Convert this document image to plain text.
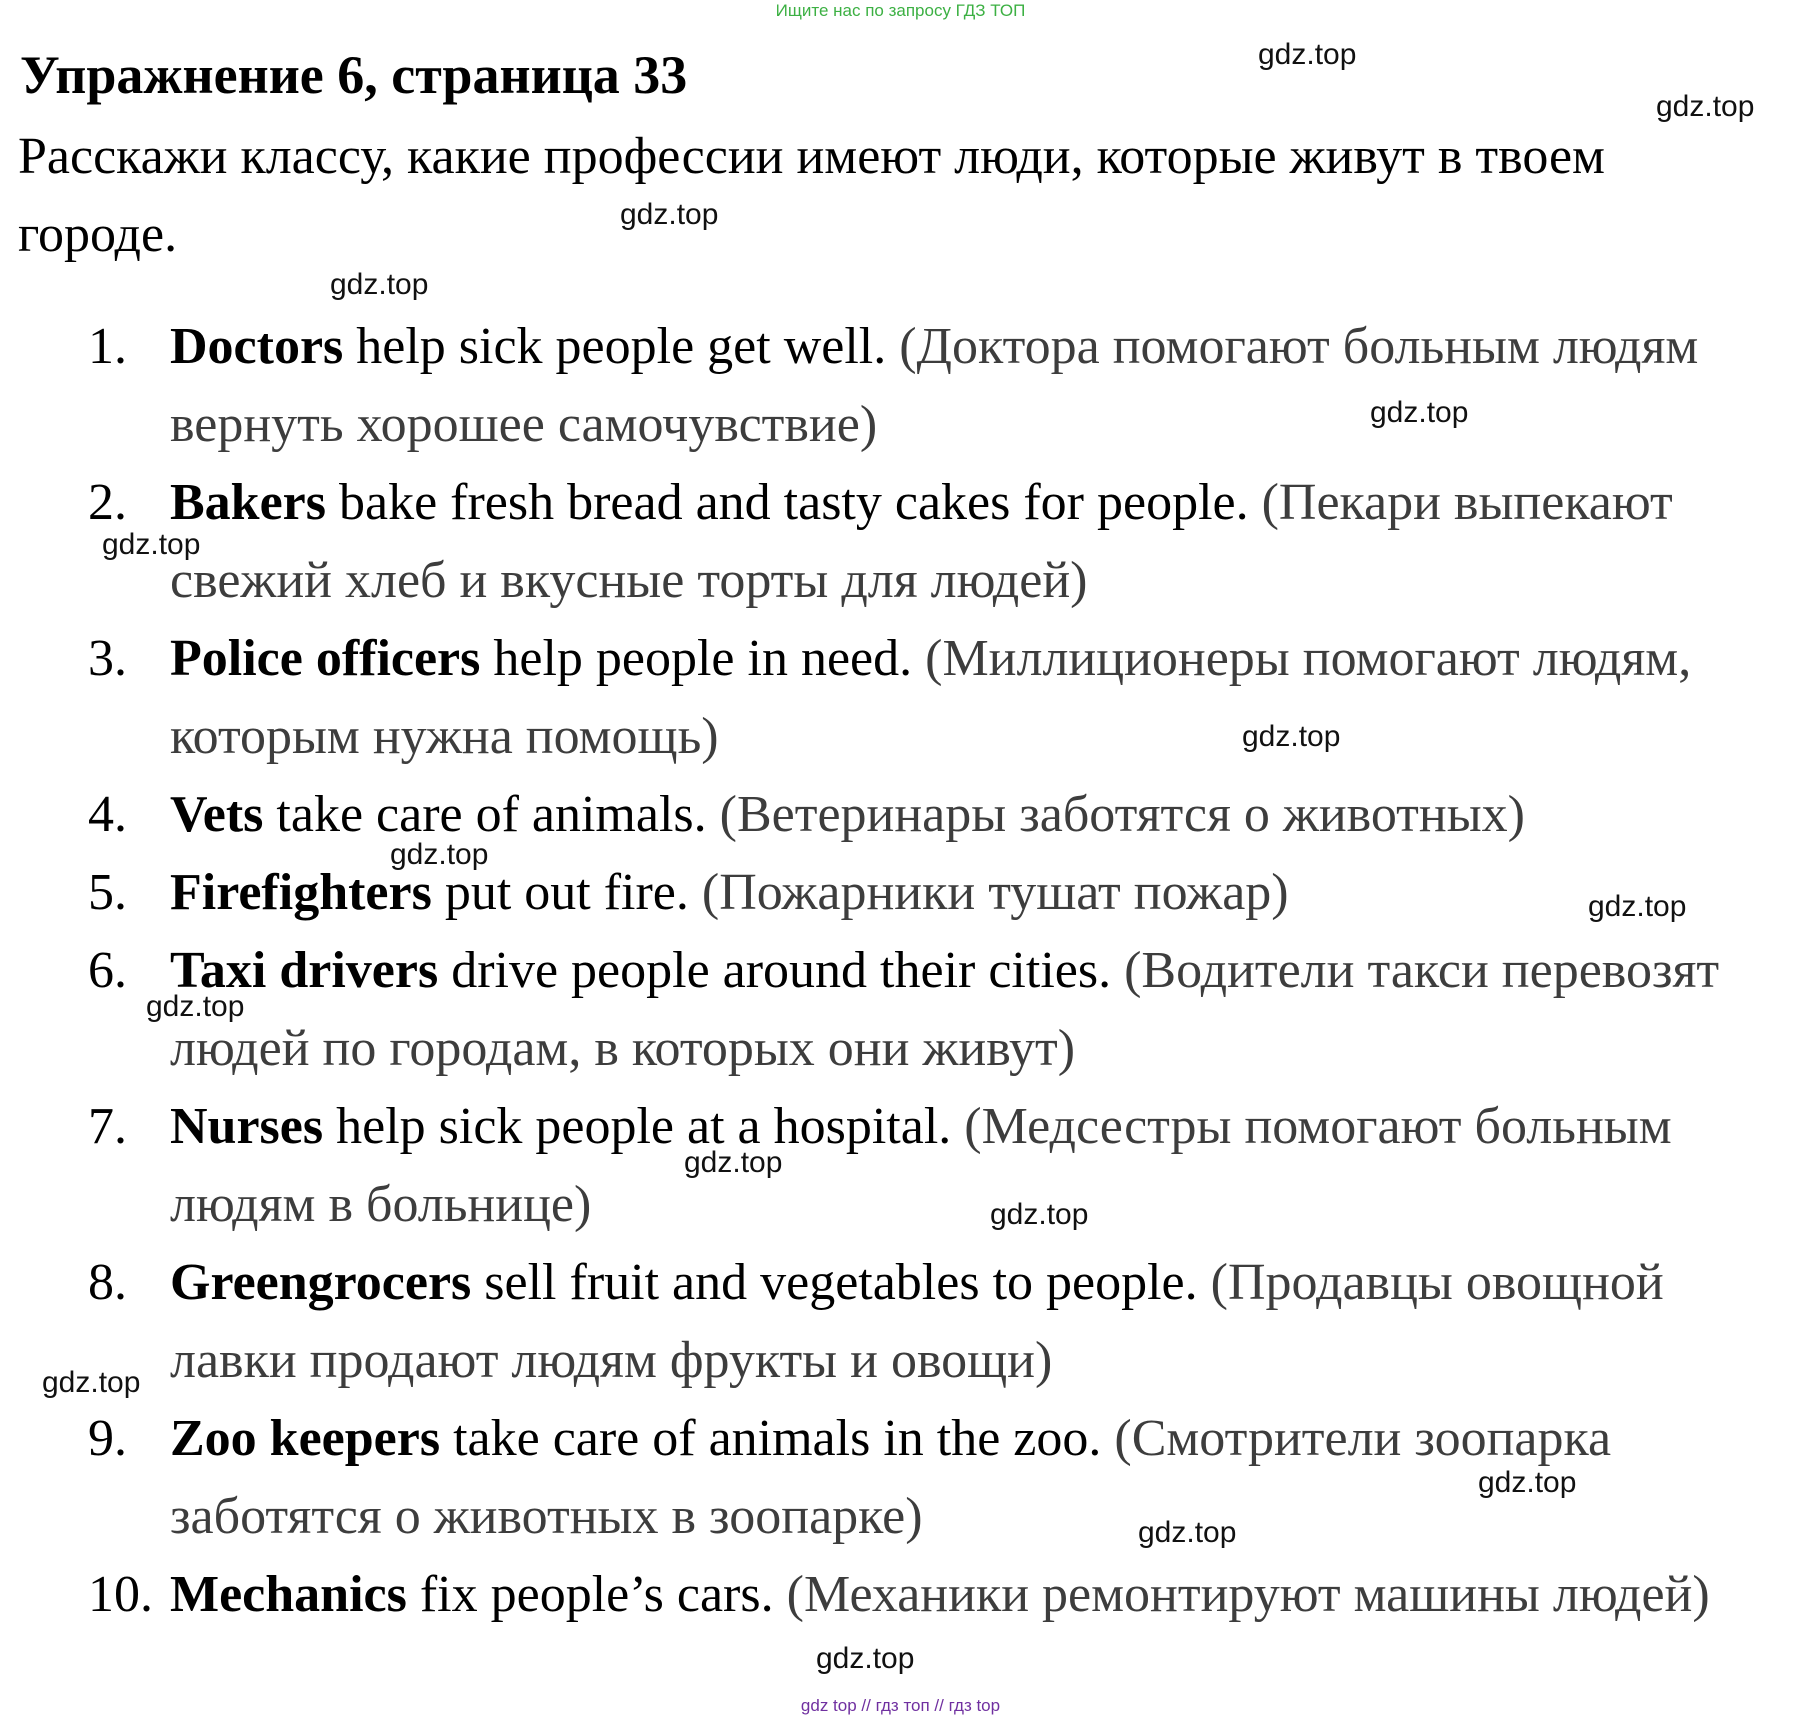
Ищите нас по запросу ГДЗ ТОП
Упражнение 6, страница 33

Расскажи классу, какие профессии имеют люди, которые живут в твоем городе.

1. Doctors help sick people get well. (Доктора помогают больным людям вернуть хорошее самочувствие)
2. Bakers bake fresh bread and tasty cakes for people. (Пекари выпекают свежий хлеб и вкусные торты для людей)
3. Police officers help people in need. (Миллиционеры помогают людям, которым нужна помощь)
4. Vets take care of animals. (Ветеринары заботятся о животных)
5. Firefighters put out fire. (Пожарники тушат пожар)
6. Taxi drivers drive people around their cities. (Водители такси перевозят людей по городам, в которых они живут)
7. Nurses help sick people at a hospital. (Медсестры помогают больным людям в больнице)
8. Greengrocers sell fruit and vegetables to people. (Продавцы овощной лавки продают людям фрукты и овощи)
9. Zoo keepers take care of animals in the zoo. (Смотрители зоопарка заботятся о животных в зоопарке)
10. Mechanics fix people’s cars. (Механики ремонтируют машины людей)
gdz.top
gdz.top
gdz.top
gdz.top
gdz.top
gdz.top
gdz.top
gdz.top
gdz.top
gdz.top
gdz.top
gdz.top
gdz.top
gdz.top
gdz.top
gdz.top
gdz top // гдз топ // гдз top
